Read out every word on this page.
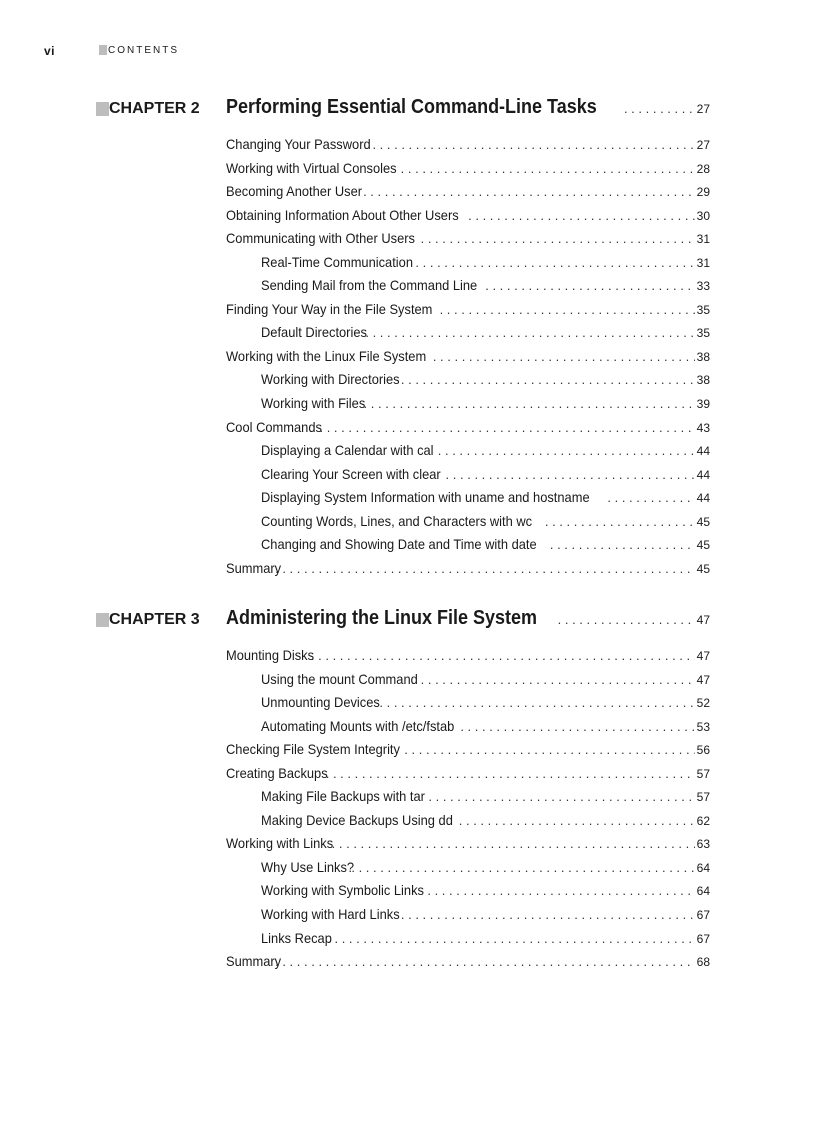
vi	CONTENTS
CHAPTER 2 Performing Essential Command-Line Tasks . . .	27
Changing Your Password . . .	27
Working with Virtual Consoles . . .	28
Becoming Another User . . .	29
Obtaining Information About Other Users . . .	30
Communicating with Other Users . . .	31
Real-Time Communication . . .	31
Sending Mail from the Command Line . . .	33
Finding Your Way in the File System . . .	35
Default Directories . . .	35
Working with the Linux File System . . .	38
Working with Directories . . .	38
Working with Files . . .	39
Cool Commands . . .	43
Displaying a Calendar with cal . . .	44
Clearing Your Screen with clear . . .	44
Displaying System Information with uname and hostname . . .	44
Counting Words, Lines, and Characters with wc . . .	45
Changing and Showing Date and Time with date . . .	45
Summary . . .	45
CHAPTER 3 Administering the Linux File System . . .	47
Mounting Disks . . .	47
Using the mount Command . . .	47
Unmounting Devices . . .	52
Automating Mounts with /etc/fstab . . .	53
Checking File System Integrity . . .	56
Creating Backups . . .	57
Making File Backups with tar . . .	57
Making Device Backups Using dd . . .	62
Working with Links . . .	63
Why Use Links? . . .	64
Working with Symbolic Links . . .	64
Working with Hard Links . . .	67
Links Recap . . .	67
Summary . . .	68
